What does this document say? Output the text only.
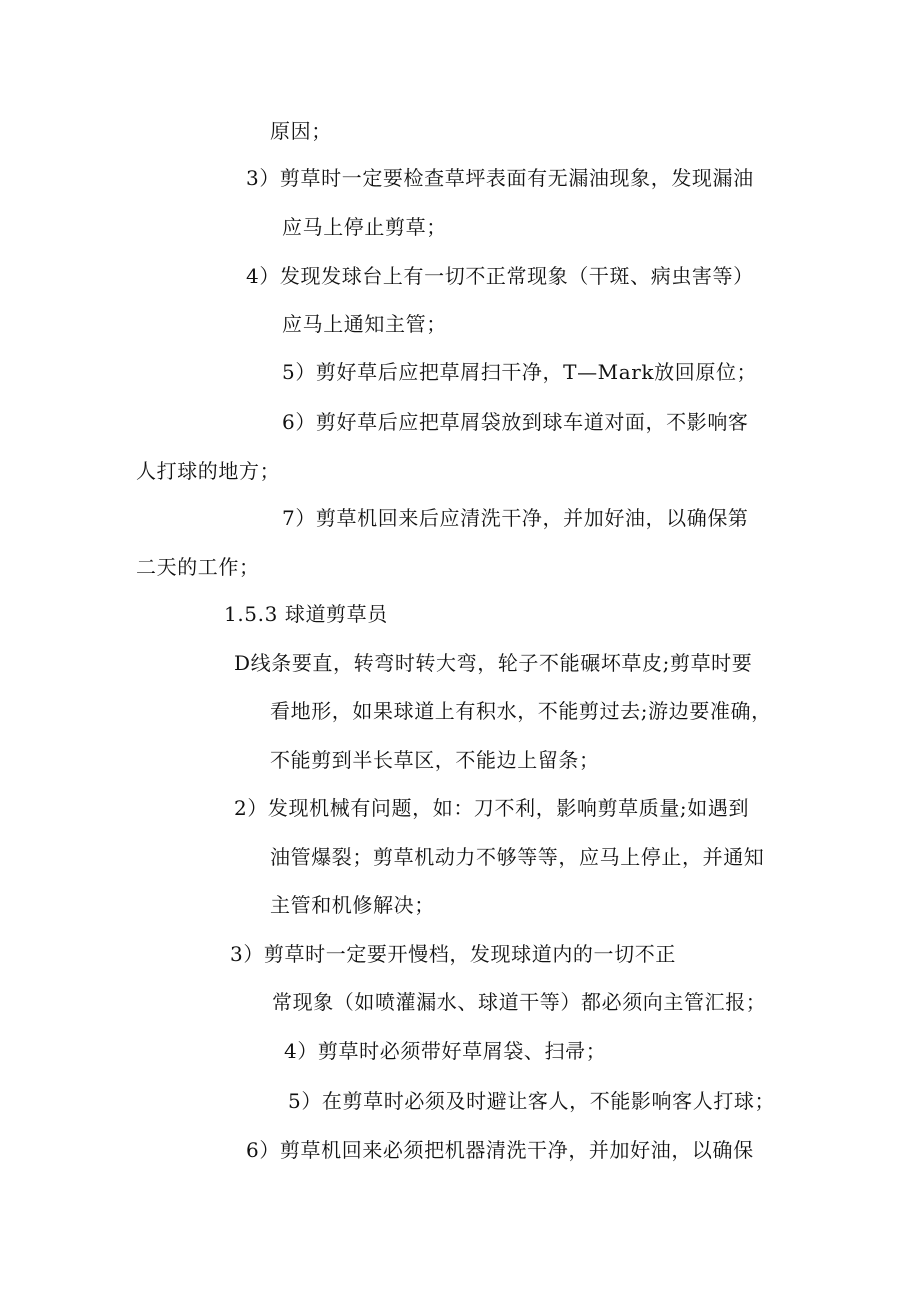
原因；
3）剪草时一定要检查草坪表面有无漏油现象，发现漏油
应马上停止剪草；
4）发现发球台上有一切不正常现象（干斑、病虫害等）
应马上通知主管；
5）剪好草后应把草屑扫干净，T—Mark放回原位；
6）剪好草后应把草屑袋放到球车道对面，不影响客
人打球的地方；
7）剪草机回来后应清洗干净，并加好油，以确保第
二天的工作；
1.5.3 球道剪草员
D线条要直，转弯时转大弯，轮子不能碾坏草皮;剪草时要
看地形，如果球道上有积水，不能剪过去;游边要准确，
不能剪到半长草区，不能边上留条；
2）发现机械有问题，如：刀不利，影响剪草质量;如遇到
油管爆裂；剪草机动力不够等等，应马上停止，并通知
主管和机修解决；
3）剪草时一定要开慢档，发现球道内的一切不正
常现象（如喷灌漏水、球道干等）都必须向主管汇报；
4）剪草时必须带好草屑袋、扫帚；
5）在剪草时必须及时避让客人，不能影响客人打球；
6）剪草机回来必须把机器清洗干净，并加好油，以确保
